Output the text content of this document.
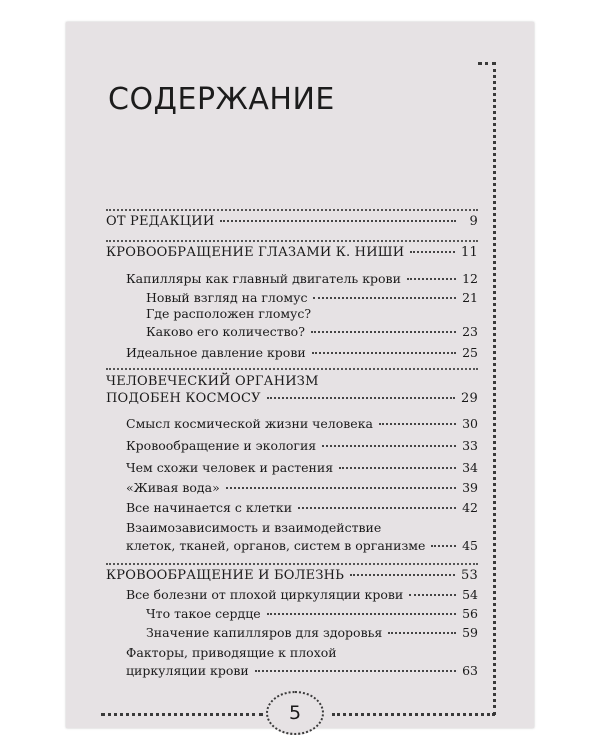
СОДЕРЖАНИЕ
ОТ РЕДАКЦИИ	9
КРОВООБРАЩЕНИЕ ГЛАЗАМИ К. НИШИ	11
Капилляры как главный двигатель крови	12
Новый взгляд на гломус	21
Где расположен гломус?
Каково его количество?	23
Идеальное давление крови	25
ЧЕЛОВЕЧЕСКИЙ ОРГАНИЗМ
ПОДОБЕН КОСМОСУ	29
Смысл космической жизни человека	30
Кровообращение и экология	33
Чем схожи человек и растения	34
«Живая вода»	39
Все начинается с клетки	42
Взаимозависимость и взаимодействие
клеток, тканей, органов, систем в организме	45
КРОВООБРАЩЕНИЕ И БОЛЕЗНЬ	53
Все болезни от плохой циркуляции крови	54
Что такое сердце	56
Значение капилляров для здоровья	59
Факторы, приводящие к плохой
циркуляции крови	63
5
